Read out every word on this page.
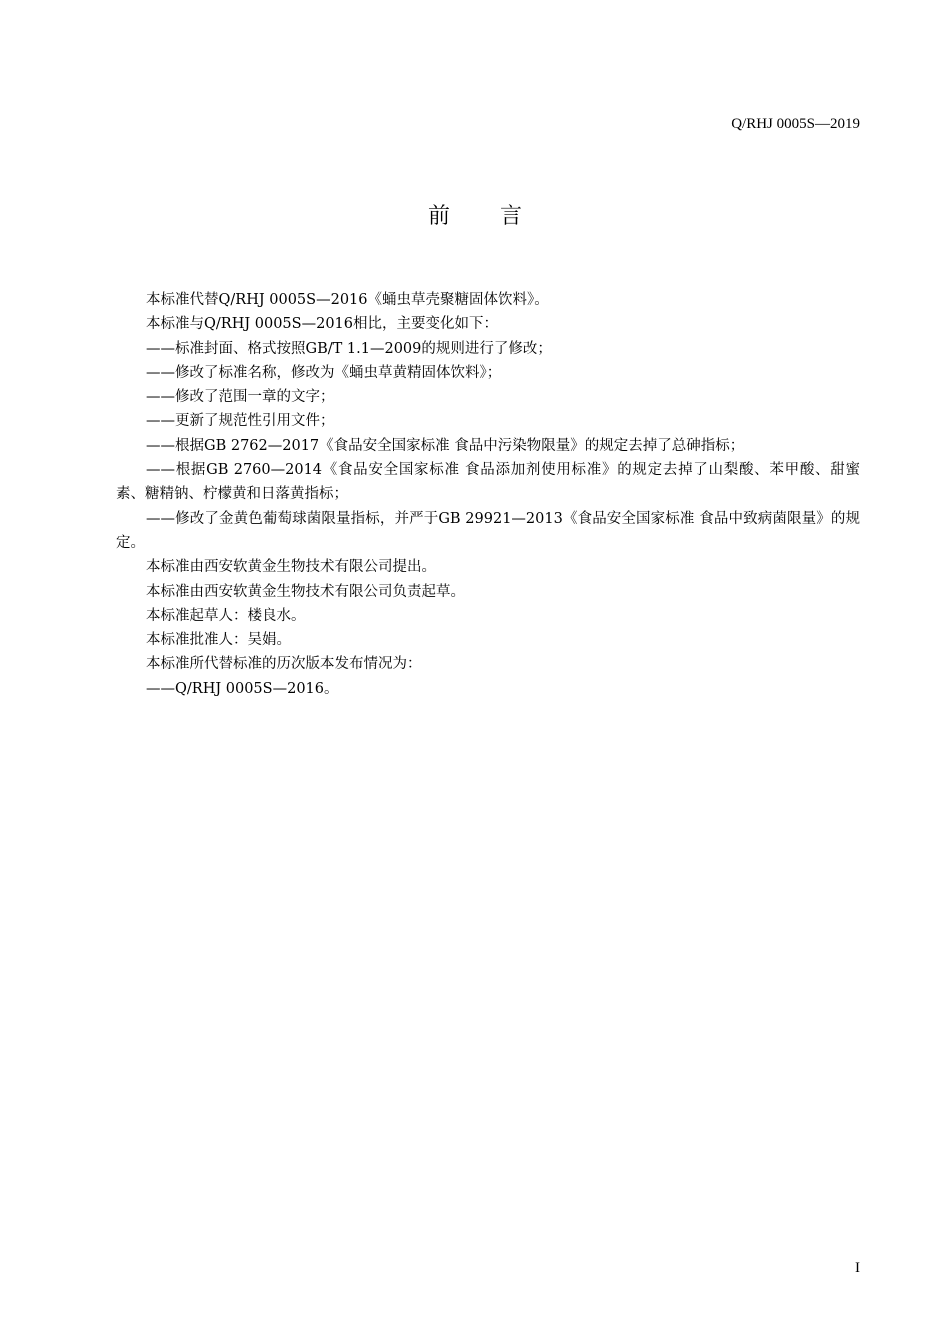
Q/RHJ 0005S—2019
前言

本标准代替Q/RHJ 0005S—2016《蛹虫草壳聚糖固体饮料》。

本标准与Q/RHJ 0005S—2016相比，主要变化如下：

——标准封面、格式按照GB/T 1.1—2009的规则进行了修改；

——修改了标准名称，修改为《蛹虫草黄精固体饮料》；

——修改了范围一章的文字；

——更新了规范性引用文件；

——根据GB 2762—2017《食品安全国家标准 食品中污染物限量》的规定去掉了总砷指标；

——根据GB 2760—2014《食品安全国家标准 食品添加剂使用标准》的规定去掉了山梨酸、苯甲酸、甜蜜素、糖精钠、柠檬黄和日落黄指标；

——修改了金黄色葡萄球菌限量指标，并严于GB 29921—2013《食品安全国家标准 食品中致病菌限量》的规定。

本标准由西安软黄金生物技术有限公司提出。

本标准由西安软黄金生物技术有限公司负责起草。

本标准起草人：楼良水。

本标准批准人：吴娟。

本标准所代替标准的历次版本发布情况为：

——Q/RHJ 0005S—2016。

I
